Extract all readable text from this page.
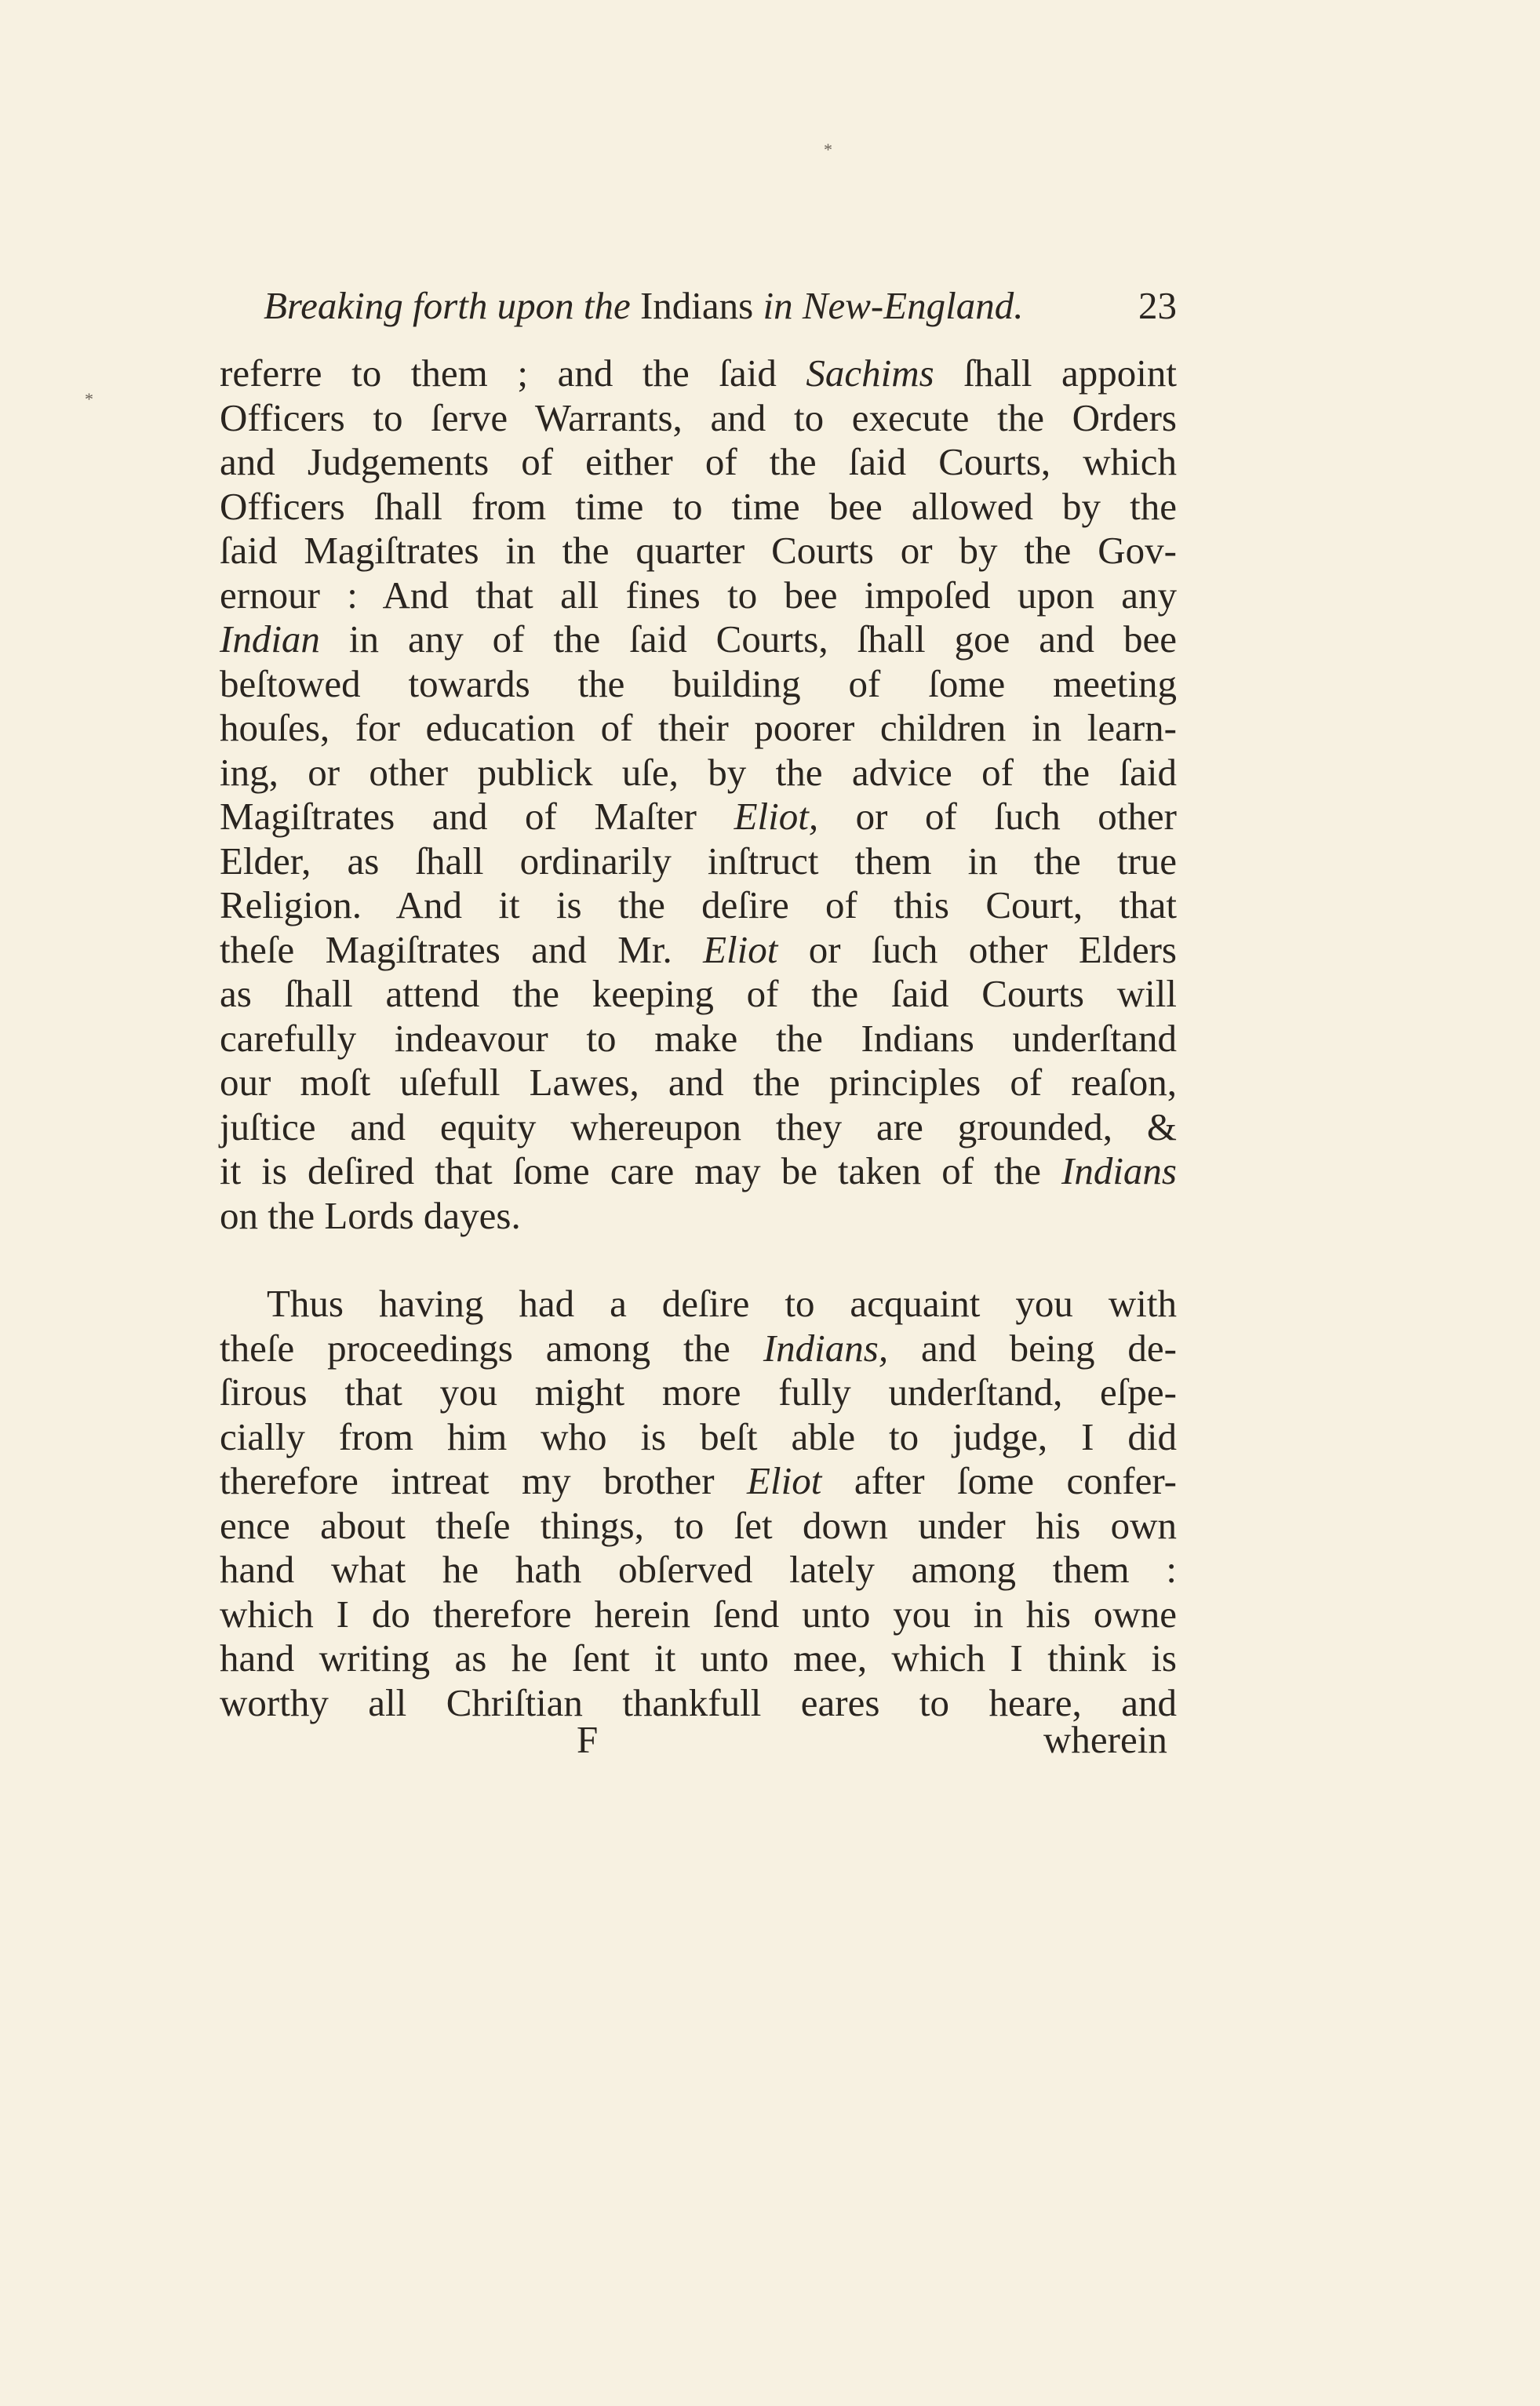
*
*
Breaking forth upon the Indians in New-England.	23
referre to them ; and the ſaid Sachims ſhall appoint
Officers to ſerve Warrants, and to execute the Orders
and Judgements of either of the ſaid Courts, which
Officers ſhall from time to time bee allowed by the
ſaid Magiſtrates in the quarter Courts or by the Gov-
ernour : And that all fines to bee impoſed upon any
Indian in any of the ſaid Courts, ſhall goe and bee
beſtowed towards the building of ſome meeting
houſes, for education of their poorer children in learn-
ing, or other publick uſe, by the advice of the ſaid
Magiſtrates and of Maſter Eliot, or of ſuch other
Elder, as ſhall ordinarily inſtruct them in the true
Religion. And it is the deſire of this Court, that
theſe Magiſtrates and Mr. Eliot or ſuch other Elders
as ſhall attend the keeping of the ſaid Courts will
carefully indeavour to make the Indians underſtand
our moſt uſefull Lawes, and the principles of reaſon,
juſtice and equity whereupon they are grounded, &
it is deſired that ſome care may be taken of the Indians
on the Lords dayes.
Thus having had a deſire to acquaint you with
theſe proceedings among the Indians, and being de-
ſirous that you might more fully underſtand, eſpe-
cially from him who is beſt able to judge, I did
therefore intreat my brother Eliot after ſome confer-
ence about theſe things, to ſet down under his own
hand what he hath obſerved lately among them :
which I do therefore herein ſend unto you in his owne
hand writing as he ſent it unto mee, which I think is
worthy all Chriſtian thankfull eares to heare, and
F	wherein
